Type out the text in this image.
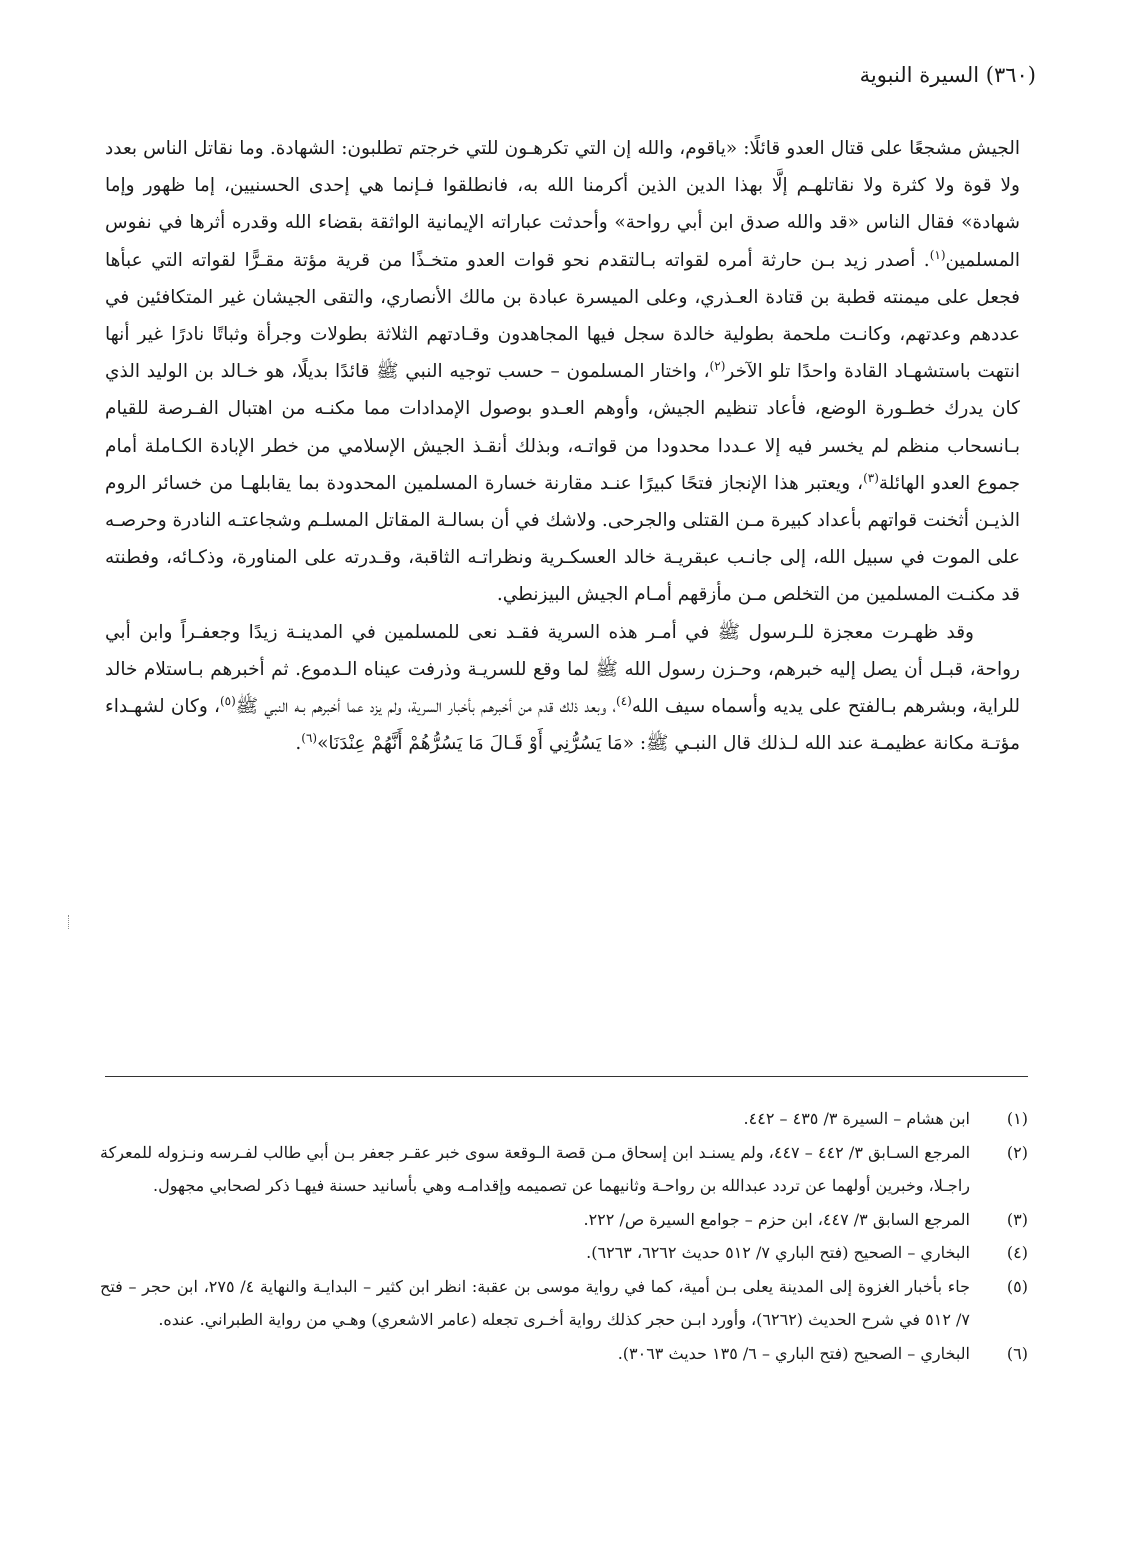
(٣٦٠) السيرة النبوية

الجيش مشجعًا على قتال العدو قائلًا: «ياقوم، والله إن التي تكرهـون للتي خرجتم تطلبون: الشهادة. وما نقاتل الناس بعدد ولا قوة ولا كثرة ولا نقاتلهـم إلَّا بهذا الدين الذين أكرمنا الله به، فانطلقوا فـإنما هي إحدى الحسنيين، إما ظهور وإما شهادة» فقال الناس «قد والله صدق ابن أبي رواحة» وأحدثت عباراته الإيمانية الواثقة بقضاء الله وقدره أثرها في نفوس المسلمين$^{(١)}$. أصدر زيد بـن حارثة أمره لقواته بـالتقدم نحو قوات العدو متخـذًا من قرية مؤتة مقـرًّا لقواته التي عبأها فجعل على ميمنته قطبة بن قتادة العـذري، وعلى الميسرة عبادة بن مالك الأنصاري، والتقى الجيشان غير المتكافئين في عددهم وعدتهم، وكانـت ملحمة بطولية خالدة سجل فيها المجاهدون وقـادتهم الثلاثة بطولات وجرأة وثباتًا نادرًا غير أنها انتهت باستشهـاد القادة واحدًا تلو الآخر$^{(٢)}$، واختار المسلمون – حسب توجيه النبي ﷺ قائدًا بديلًا، هو خـالد بن الوليد الذي كان يدرك خطـورة الوضع، فأعاد تنظيم الجيش، وأوهم العـدو بوصول الإمدادات مما مكنـه من اهتبال الفـرصة للقيام بـانسحاب منظم لم يخسر فيه إلا عـددا محدودا من قواتـه، وبذلك أنقـذ الجيش الإسلامي من خطر الإبادة الكـاملة أمام جموع العدو الهائلة$^{(٣)}$، ويعتبر هذا الإنجاز فتحًا كبيرًا عنـد مقارنة خسارة المسلمين المحدودة بما يقابلهـا من خسائر الروم الذيـن أثخنت قواتهم بأعداد كبيرة مـن القتلى والجرحى. ولاشك في أن بسالـة المقاتل المسلـم وشجاعتـه النادرة وحرصـه على الموت في سبيل الله، إلى جانـب عبقريـة خالد العسكـرية ونظراتـه الثاقبة، وقـدرته على المناورة، وذكـائه، وفطنته قد مكنـت المسلمين من التخلص مـن مأزقهم أمـام الجيش البيزنطي.

وقد ظهـرت معجزة للـرسول ﷺ في أمـر هذه السرية فقـد نعى للمسلمين في المدينـة زيدًا وجعفـراً وابن أبي رواحة، قبـل أن يصل إليه خبرهم، وحـزن رسول الله ﷺ لما وقع للسريـة وذرفت عيناه الـدموع. ثم أخبرهم بـاستلام خالد للراية، وبشرهم بـالفتح على يديه وأسماه سيف الله$^{(٤)}$، وبعد ذلك قدم من أخبرهـم بأخبار السرية، ولم يزد عما أخبرهم بـه النبي ﷺ$^{(٥)}$، وكان لشهـداء مؤتـة مكانة عظيمـة عند الله لـذلك قال النبـي ﷺ: «مَا يَسُرُّنِي أَوْ قَـالَ مَا يَسُرُّهُمْ أَنَّهُمْ عِنْدَنَا»$^{(٦)}$.

(١)
ابن هشام – السيرة ٣/ ٤٣٥ – ٤٤٢.
(٢)
المرجع السـابق ٣/ ٤٤٢ – ٤٤٧، ولم يسنـد ابن إسحاق مـن قصة الـوقعة سوى خبر عقـر جعفر بـن أبي طالب لفـرسه ونـزوله للمعركة راجـلا، وخبرين أولهما عن تردد عبدالله بن رواحـة وثانيهما عن تصميمه وإقدامـه وهي بأسانيد حسنة فيهـا ذكر لصحابي مجهول.
(٣)
المرجع السابق ٣/ ٤٤٧، ابن حزم – جوامع السيرة ص/ ٢٢٢.
(٤)
البخاري – الصحيح (فتح الباري ٧/ ٥١٢ حديث ٦٢٦٢، ٦٢٦٣).
(٥)
جاء بأخبار الغزوة إلى المدينة يعلى بـن أمية، كما في رواية موسى بن عقبة: انظر ابن كثير – البدايـة والنهاية ٤/ ٢٧٥، ابن حجر – فتح ٧/ ٥١٢ في شرح الحديث (٦٢٦٢)، وأورد ابـن حجر كذلك رواية أخـرى تجعله (عامر الاشعري) وهـي من رواية الطبراني. عنده.
(٦)
البخاري – الصحيح (فتح الباري – ٦/ ١٣٥ حديث ٣٠٦٣).
